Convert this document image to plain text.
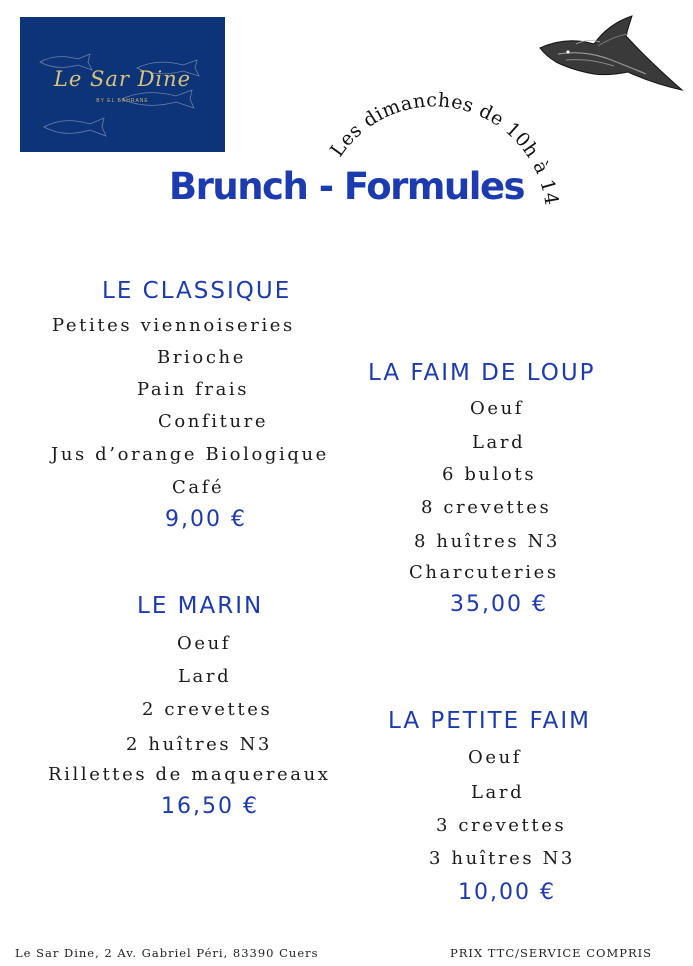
Le Sar Dine
BY EL BAHRANE
Les dimanches de 10h à 14h
Brunch - Formules
LE CLASSIQUE
Petites viennoiseries
Brioche
Pain frais
Confiture
Jus d’orange Biologique
Café
9,00 €
LA FAIM DE LOUP
Oeuf
Lard
6 bulots
8 crevettes
8 huîtres N3
Charcuteries
35,00 €
LE MARIN
Oeuf
Lard
2 crevettes
2 huîtres N3
Rillettes de maquereaux
16,50 €
LA PETITE FAIM
Oeuf
Lard
3 crevettes
3 huîtres N3
10,00 €
Le Sar Dine, 2 Av. Gabriel Péri, 83390 Cuers	PRIX TTC/SERVICE COMPRIS
